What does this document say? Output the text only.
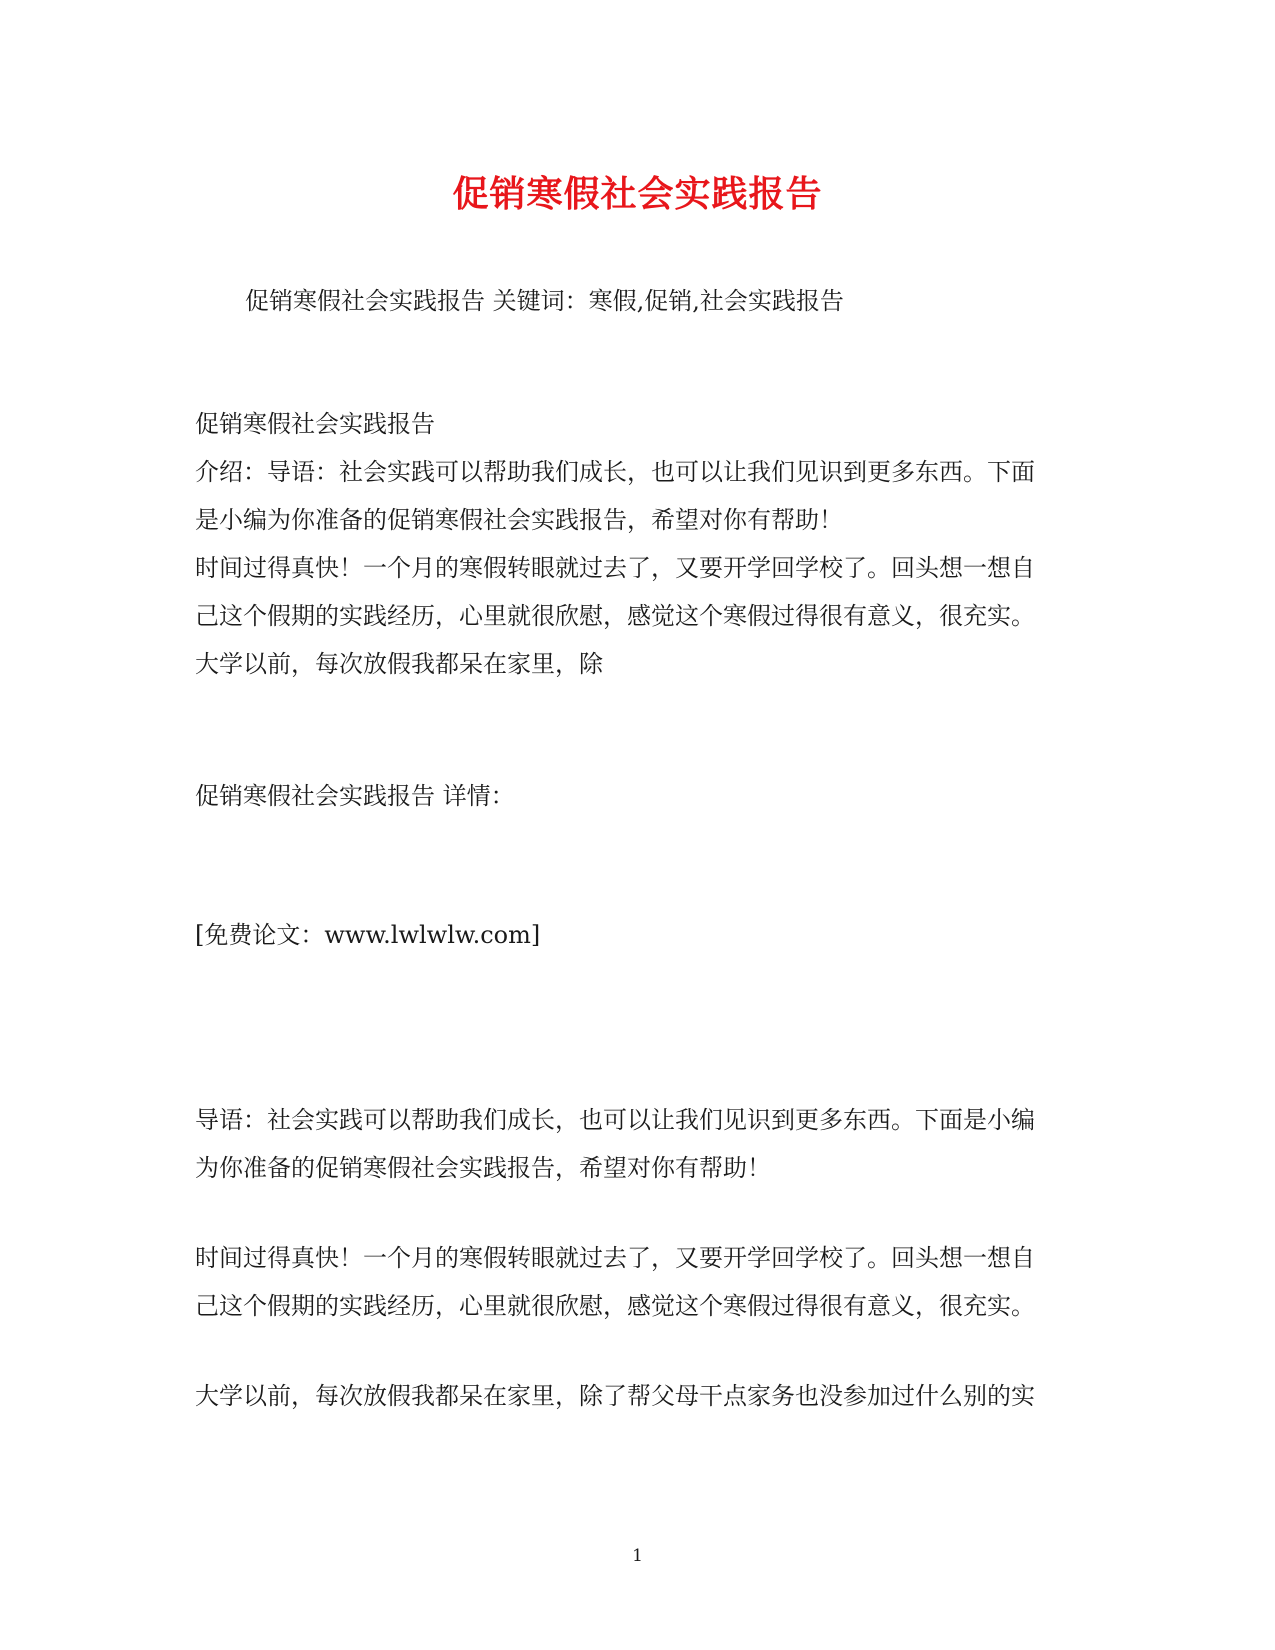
促销寒假社会实践报告
促销寒假社会实践报告 关键词：寒假,促销,社会实践报告
促销寒假社会实践报告
介绍：导语：社会实践可以帮助我们成长，也可以让我们见识到更多东西。下面
是小编为你准备的促销寒假社会实践报告，希望对你有帮助！
时间过得真快！一个月的寒假转眼就过去了，又要开学回学校了。回头想一想自
己这个假期的实践经历，心里就很欣慰，感觉这个寒假过得很有意义，很充实。
大学以前，每次放假我都呆在家里，除
促销寒假社会实践报告 详情：
[免费论文：www.lwlwlw.com]
导语：社会实践可以帮助我们成长，也可以让我们见识到更多东西。下面是小编
为你准备的促销寒假社会实践报告，希望对你有帮助！
时间过得真快！一个月的寒假转眼就过去了，又要开学回学校了。回头想一想自
己这个假期的实践经历，心里就很欣慰，感觉这个寒假过得很有意义，很充实。
大学以前，每次放假我都呆在家里，除了帮父母干点家务也没参加过什么别的实
1
